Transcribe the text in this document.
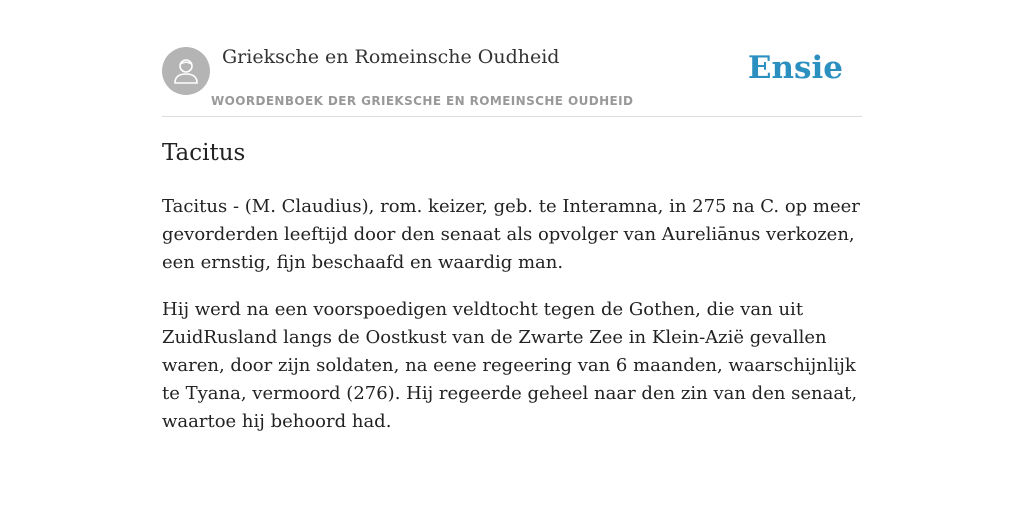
Grieksche en Romeinsche Oudheid
WOORDENBOEK DER GRIEKSCHE EN ROMEINSCHE OUDHEID
Ensie
Tacitus

Tacitus - (M. Claudius), rom. keizer, geb. te Interamna, in 275 na C. op meer gevorderden leeftijd door den senaat als opvolger van Aureliānus verkozen, een ernstig, fijn beschaafd en waardig man.

Hij werd na een voorspoedigen veldtocht tegen de Gothen, die van uit ZuidRusland langs de Oostkust van de Zwarte Zee in Klein-Azië gevallen waren, door zijn soldaten, na eene regeering van 6 maanden, waarschijnlijk te Tyana, vermoord (276). Hij regeerde geheel naar den zin van den senaat, waartoe hij behoord had.
